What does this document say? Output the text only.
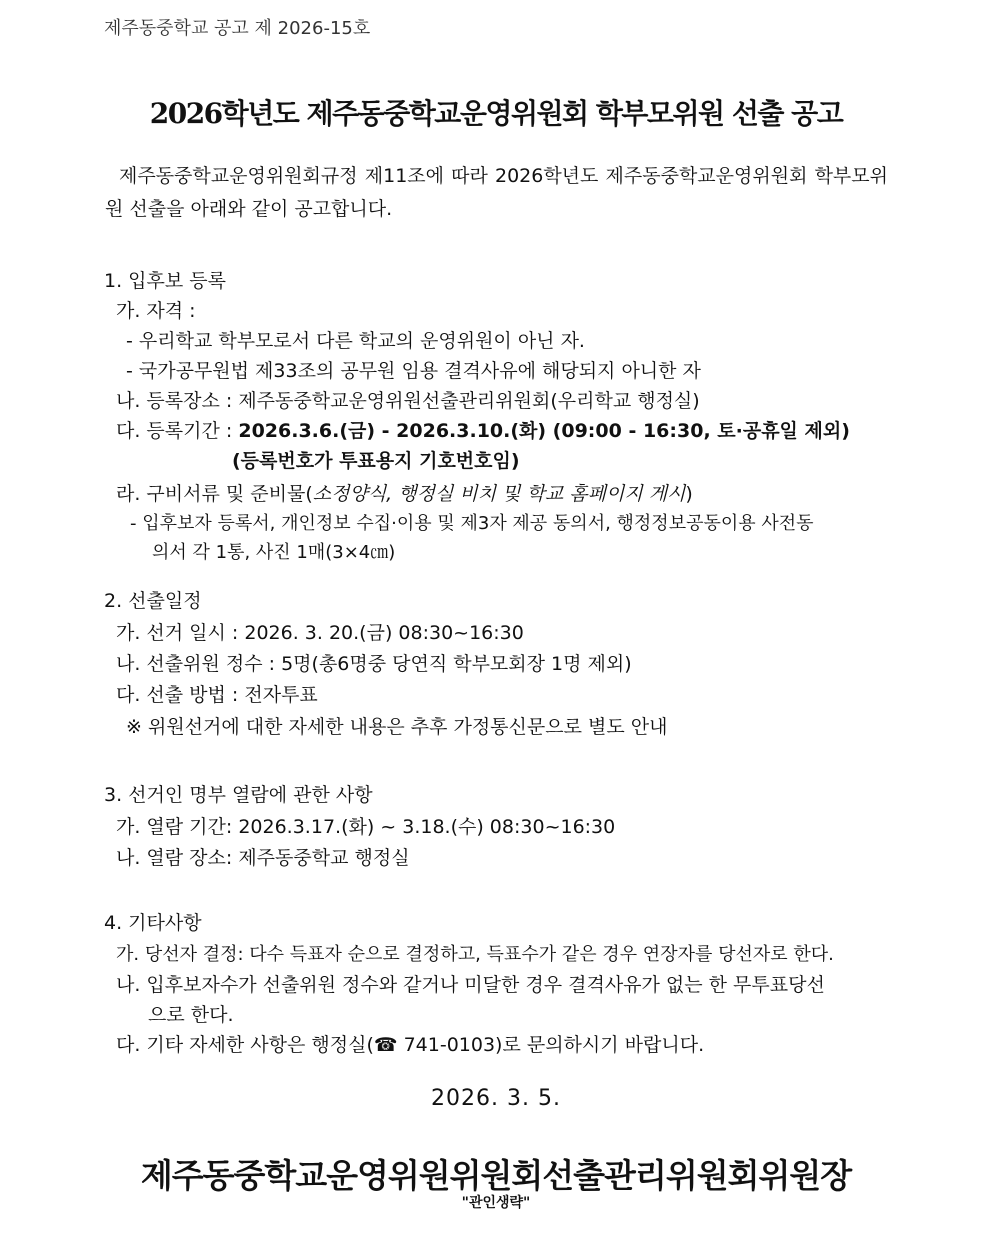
제주동중학교 공고 제 2026-15호
2026학년도 제주동중학교운영위원회 학부모위원 선출 공고
제주동중학교운영위원회규정 제11조에 따라 2026학년도 제주동중학교운영위원회 학부모위원 선출을 아래와 같이 공고합니다.
1. 입후보 등록
가. 자격 :
- 우리학교 학부모로서 다른 학교의 운영위원이 아닌 자.
- 국가공무원법 제33조의 공무원 임용 결격사유에 해당되지 아니한 자
나. 등록장소 : 제주동중학교운영위원선출관리위원회(우리학교 행정실)
다. 등록기간 : 2026.3.6.(금) - 2026.3.10.(화) (09:00 - 16:30, 토·공휴일 제외)
(등록번호가 투표용지 기호번호임)
라. 구비서류 및 준비물(소정양식, 행정실 비치 및 학교 홈페이지 게시)
- 입후보자 등록서, 개인정보 수집·이용 및 제3자 제공 동의서, 행정정보공동이용 사전동
의서 각 1통, 사진 1매(3×4㎝)
2. 선출일정
가. 선거 일시 : 2026. 3. 20.(금) 08:30~16:30
나. 선출위원 정수 : 5명(총6명중 당연직 학부모회장 1명 제외)
다. 선출 방법 : 전자투표
※ 위원선거에 대한 자세한 내용은 추후 가정통신문으로 별도 안내
3. 선거인 명부 열람에 관한 사항
가. 열람 기간: 2026.3.17.(화) ~ 3.18.(수) 08:30~16:30
나. 열람 장소: 제주동중학교 행정실
4. 기타사항
가. 당선자 결정: 다수 득표자 순으로 결정하고, 득표수가 같은 경우 연장자를 당선자로 한다.
나. 입후보자수가 선출위원 정수와 같거나 미달한 경우 결격사유가 없는 한 무투표당선
으로 한다.
다. 기타 자세한 사항은 행정실(☎ 741-0103)로 문의하시기 바랍니다.
2026. 3. 5.
제주동중학교운영위원위원회선출관리위원회위원장
"관인생략"
